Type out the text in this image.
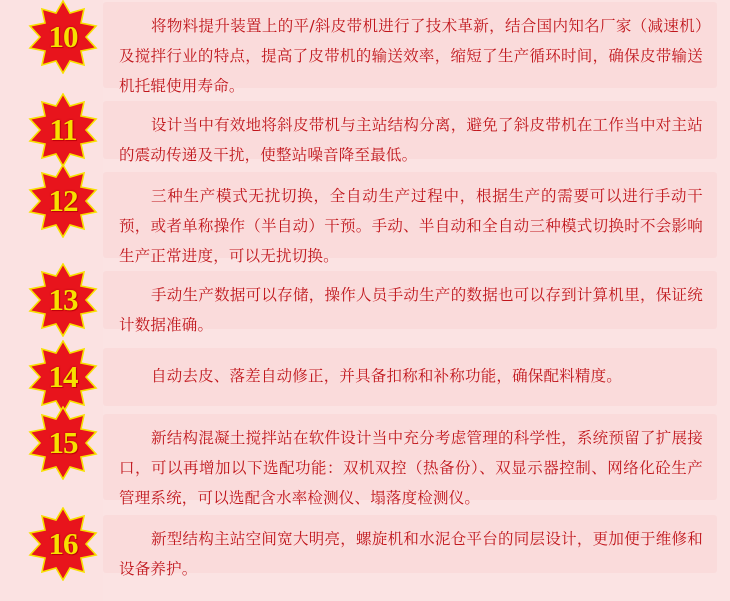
将物料提升装置上的平/斜皮带机进行了技术革新，结合国内知名厂家（减速机）及搅拌行业的特点，提高了皮带机的输送效率，缩短了生产循环时间，确保皮带输送机托辊使用寿命。
10
设计当中有效地将斜皮带机与主站结构分离，避免了斜皮带机在工作当中对主站的震动传递及干扰，使整站噪音降至最低。
11
三种生产模式无扰切换，全自动生产过程中，根据生产的需要可以进行手动干预，或者单称操作（半自动）干预。手动、半自动和全自动三种模式切换时不会影响生产正常进度，可以无扰切换。
12
手动生产数据可以存储，操作人员手动生产的数据也可以存到计算机里，保证统计数据准确。
13
自动去皮、落差自动修正，并具备扣称和补称功能，确保配料精度。
14
新结构混凝土搅拌站在软件设计当中充分考虑管理的科学性，系统预留了扩展接口，可以再增加以下选配功能：双机双控（热备份）、双显示器控制、网络化砼生产管理系统，可以选配含水率检测仪、塌落度检测仪。
15
新型结构主站空间宽大明亮，螺旋机和水泥仓平台的同层设计，更加便于维修和设备养护。
16
